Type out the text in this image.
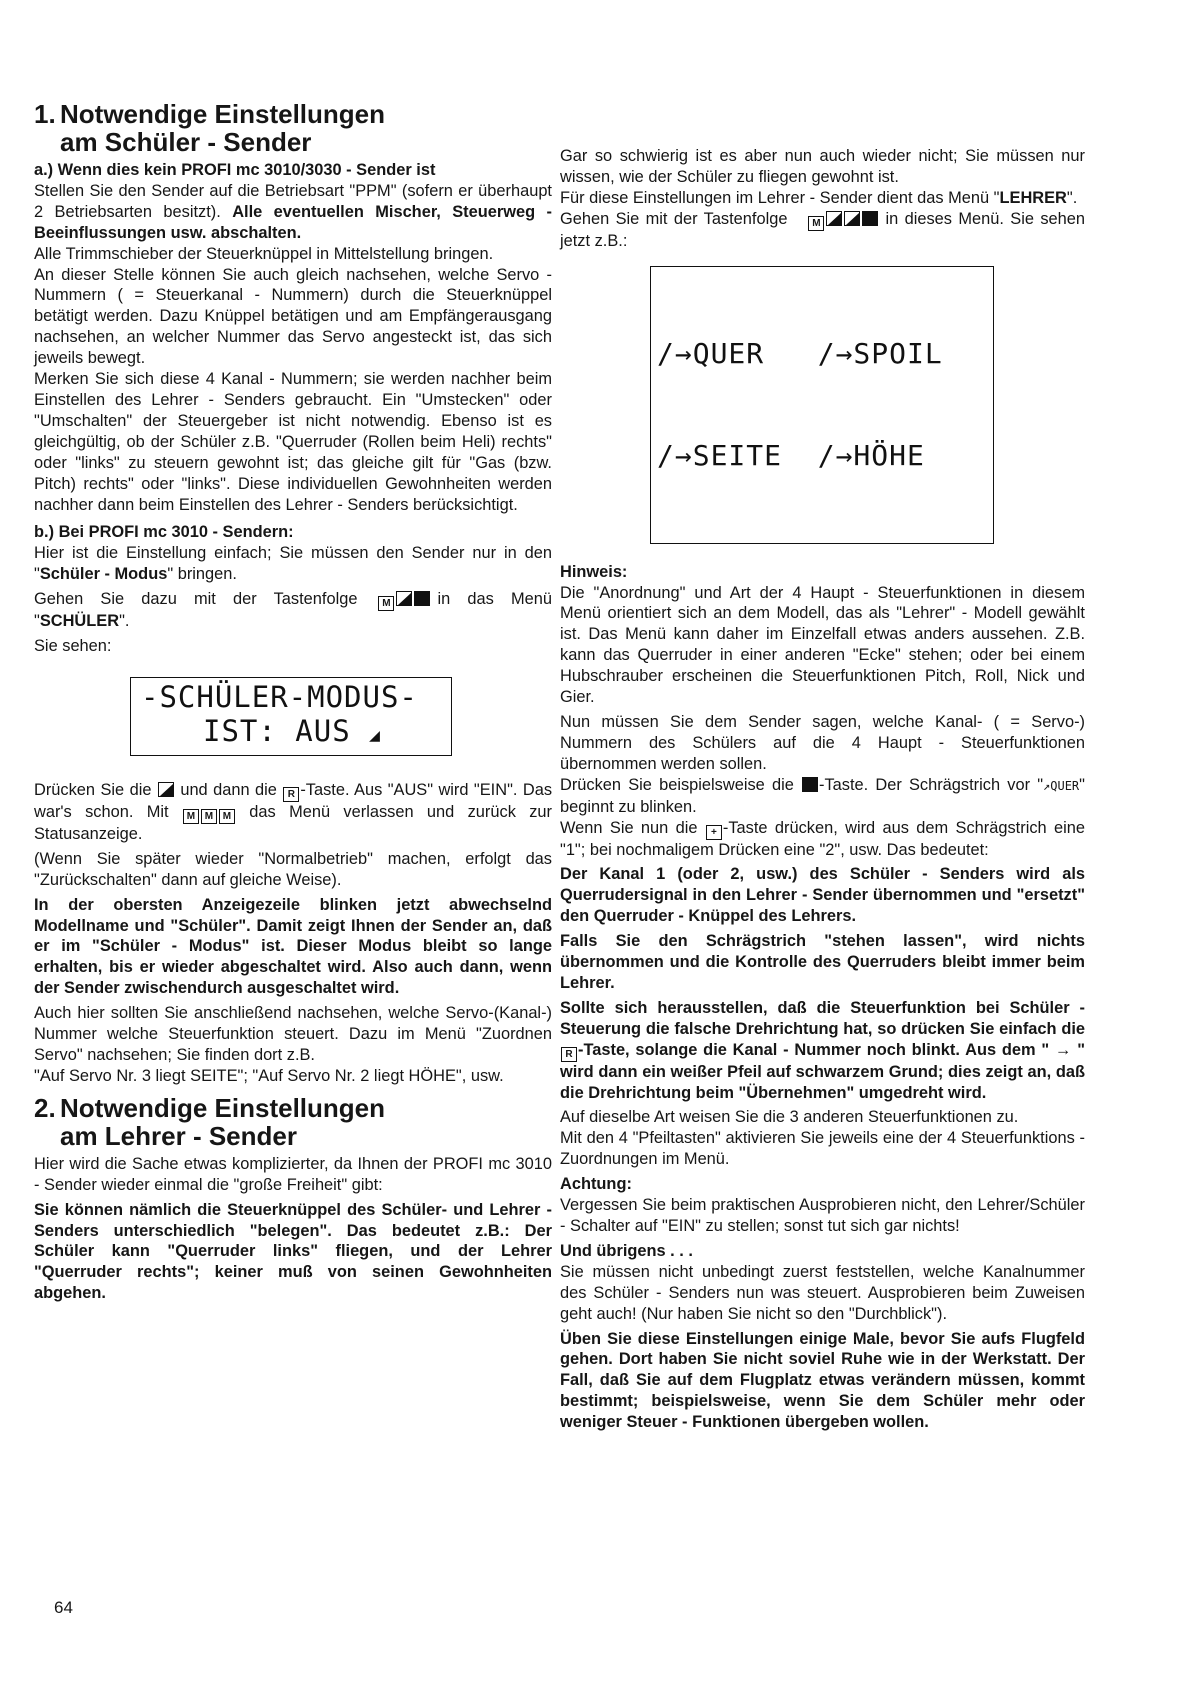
1. Notwendige Einstellungen
am Schüler - Sender

a.) Wenn dies kein PROFI mc 3010/3030 - Sender ist

Stellen Sie den Sender auf die Betriebsart "PPM" (sofern er überhaupt 2 Betriebsarten besitzt). Alle eventuellen Mischer, Steuerweg - Beeinflussungen usw. abschalten.

Alle Trimmschieber der Steuerknüppel in Mittelstellung bringen.

An dieser Stelle können Sie auch gleich nachsehen, welche Servo - Nummern ( = Steuerkanal - Nummern) durch die Steuerknüppel betätigt werden. Dazu Knüppel betätigen und am Empfängerausgang nachsehen, an welcher Nummer das Servo angesteckt ist, das sich jeweils bewegt.

Merken Sie sich diese 4 Kanal - Nummern; sie werden nachher beim Einstellen des Lehrer - Senders gebraucht. Ein "Umstecken" oder "Umschalten" der Steuergeber ist nicht notwendig. Ebenso ist es gleichgültig, ob der Schüler z.B. "Querruder (Rollen beim Heli) rechts" oder "links" zu steuern gewohnt ist; das gleiche gilt für "Gas (bzw. Pitch) rechts" oder "links". Diese individuellen Gewohnheiten werden nachher dann beim Einstellen des Lehrer - Senders berücksichtigt.

b.) Bei PROFI mc 3010 - Sendern:

Hier ist die Einstellung einfach; Sie müssen den Sender nur in den "Schüler - Modus" bringen.

Gehen Sie dazu mit der Tastenfolge M	in das Menü "SCHÜLER".

Sie sehen:

-SCHÜLER-MODUS-
IST: AUS ◢

Drücken Sie die und dann die R -Taste. Aus "AUS" wird "EIN". Das war's schon. Mit M M M das Menü verlassen und zurück zur Statusanzeige.

(Wenn Sie später wieder "Normalbetrieb" machen, erfolgt das "Zurückschalten" dann auf gleiche Weise).

In der obersten Anzeigezeile blinken jetzt abwechselnd Modellname und "Schüler". Damit zeigt Ihnen der Sender an, daß er im "Schüler - Modus" ist. Dieser Modus bleibt so lange erhalten, bis er wieder abgeschaltet wird. Also auch dann, wenn der Sender zwischendurch ausgeschaltet wird.

Auch hier sollten Sie anschließend nachsehen, welche Servo-(Kanal-) Nummer welche Steuerfunktion steuert. Dazu im Menü "Zuordnen Servo" nachsehen; Sie finden dort z.B.

"Auf Servo Nr. 3 liegt SEITE"; "Auf Servo Nr. 2 liegt HÖHE", usw.

2. Notwendige Einstellungen
am Lehrer - Sender

Hier wird die Sache etwas komplizierter, da Ihnen der PROFI mc 3010 - Sender wieder einmal die "große Freiheit" gibt:

Sie können nämlich die Steuerknüppel des Schüler- und Lehrer - Senders unterschiedlich "belegen". Das bedeutet z.B.: Der Schüler kann "Querruder links" fliegen, und der Lehrer "Querruder rechts"; keiner muß von seinen Gewohnheiten abgehen.

Gar so schwierig ist es aber nun auch wieder nicht; Sie müssen nur wissen, wie der Schüler zu fliegen gewohnt ist.

Für diese Einstellungen im Lehrer - Sender dient das Menü "LEHRER".

Gehen Sie mit der Tastenfolge M	in dieses Menü. Sie sehen jetzt z.B.:

/→QUER   /→SPOIL

/→SEITE  /→HÖHE

Hinweis:

Die "Anordnung" und Art der 4 Haupt - Steuerfunktionen in diesem Menü orientiert sich an dem Modell, das als "Lehrer" - Modell gewählt ist. Das Menü kann daher im Einzelfall etwas anders aussehen. Z.B. kann das Querruder in einer anderen "Ecke" stehen; oder bei einem Hubschrauber erscheinen die Steuerfunktionen Pitch, Roll, Nick und Gier.

Nun müssen Sie dem Sender sagen, welche Kanal- ( = Servo-) Nummern des Schülers auf die 4 Haupt - Steuerfunktionen übernommen werden sollen.

Drücken Sie beispielsweise die -Taste. Der Schrägstrich vor "↗QUER" beginnt zu blinken.

Wenn Sie nun die + -Taste drücken, wird aus dem Schrägstrich eine "1"; bei nochmaligem Drücken eine "2", usw. Das bedeutet:

Der Kanal 1 (oder 2, usw.) des Schüler - Senders wird als Querrudersignal in den Lehrer - Sender übernommen und "ersetzt" den Querruder - Knüppel des Lehrers.

Falls Sie den Schrägstrich "stehen lassen", wird nichts übernommen und die Kontrolle des Querruders bleibt immer beim Lehrer.

Sollte sich herausstellen, daß die Steuerfunktion bei Schüler - Steuerung die falsche Drehrichtung hat, so drücken Sie einfach die R -Taste, solange die Kanal - Nummer noch blinkt. Aus dem " → " wird dann ein weißer Pfeil auf schwarzem Grund; dies zeigt an, daß die Drehrichtung beim "Übernehmen" umgedreht wird.

Auf dieselbe Art weisen Sie die 3 anderen Steuerfunktionen zu.

Mit den 4 "Pfeiltasten" aktivieren Sie jeweils eine der 4 Steuerfunktions - Zuordnungen im Menü.

Achtung:

Vergessen Sie beim praktischen Ausprobieren nicht, den Lehrer/Schüler - Schalter auf "EIN" zu stellen; sonst tut sich gar nichts!

Und übrigens . . .

Sie müssen nicht unbedingt zuerst feststellen, welche Kanalnummer des Schüler - Senders nun was steuert. Ausprobieren beim Zuweisen geht auch! (Nur haben Sie nicht so den "Durchblick").

Üben Sie diese Einstellungen einige Male, bevor Sie aufs Flugfeld gehen. Dort haben Sie nicht soviel Ruhe wie in der Werkstatt. Der Fall, daß Sie auf dem Flugplatz etwas verändern müssen, kommt bestimmt; beispielsweise, wenn Sie dem Schüler mehr oder weniger Steuer - Funktionen übergeben wollen.

64
